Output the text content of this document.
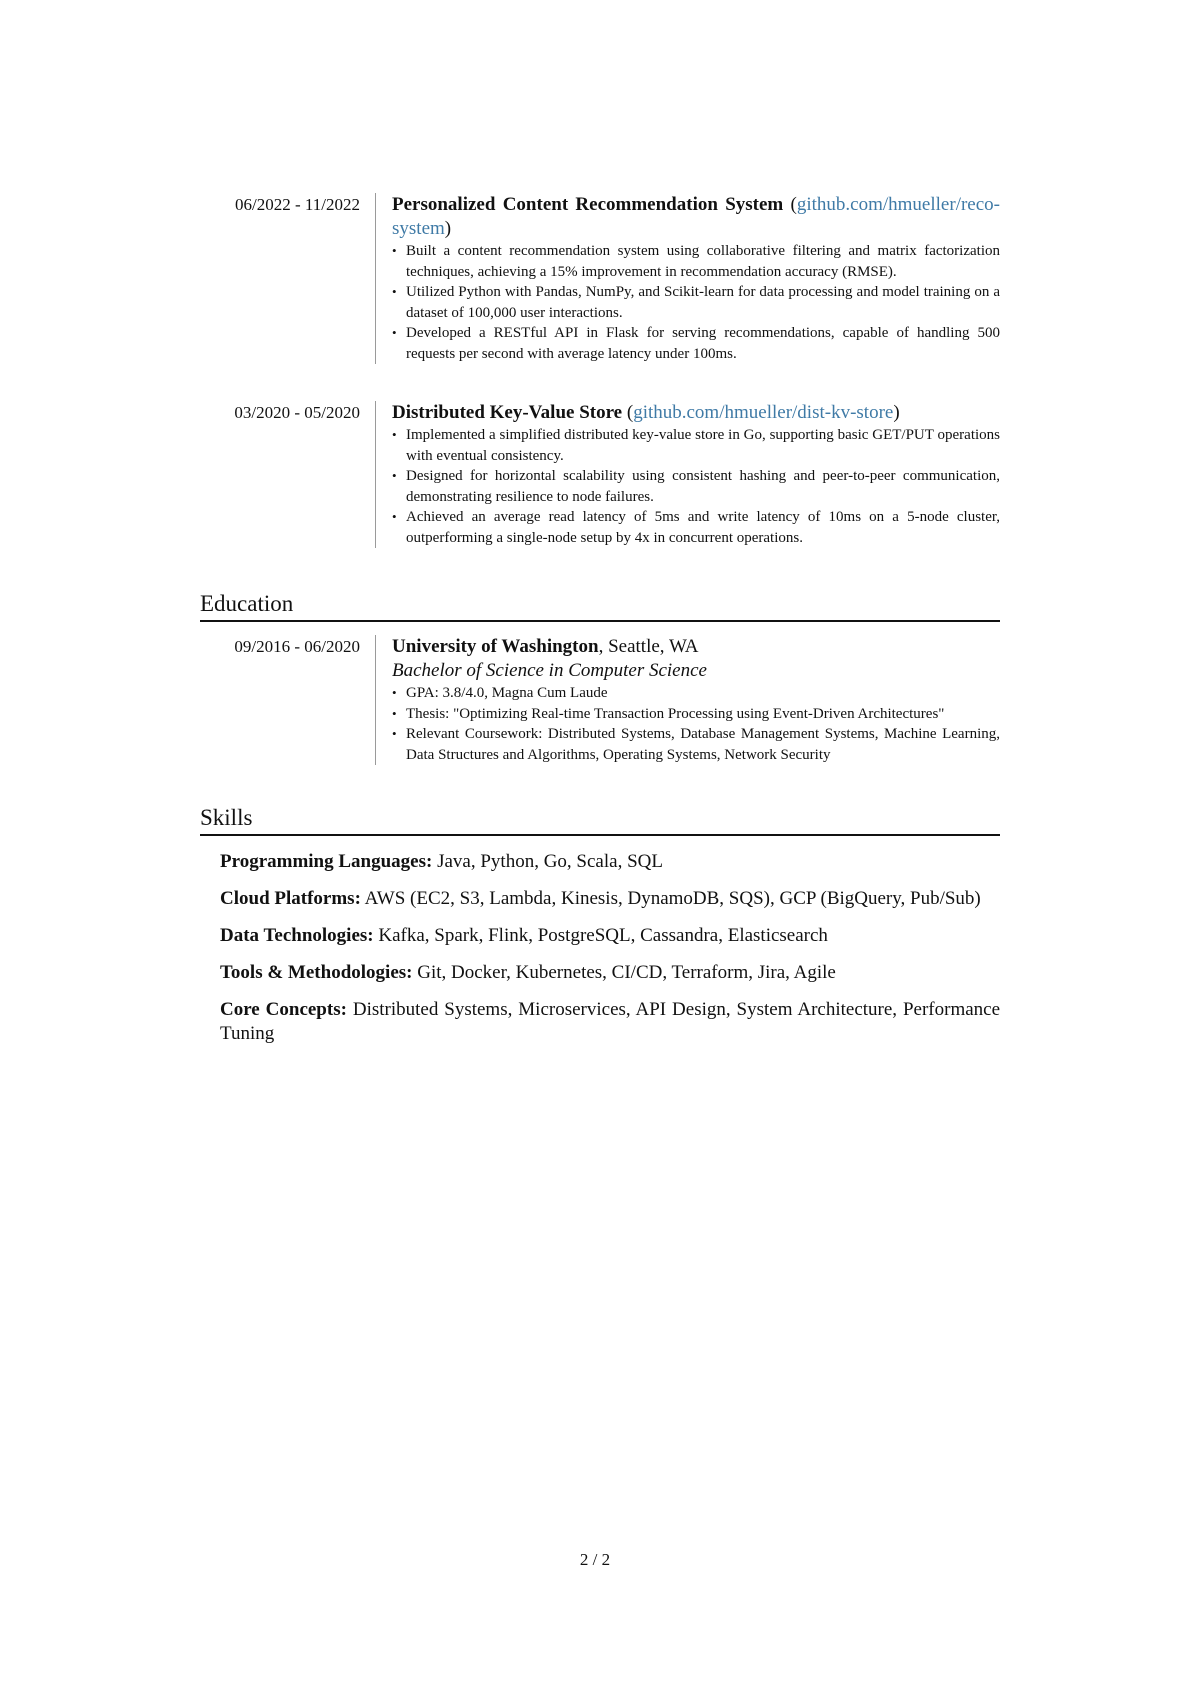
06/2022 - 11/2022	Personalized Content Recommendation System (github.com/hmueller/reco-system)
• Built a content recommendation system using collaborative filtering and matrix factorization techniques, achieving a 15% improvement in recommendation accuracy (RMSE).
• Utilized Python with Pandas, NumPy, and Scikit-learn for data processing and model training on a dataset of 100,000 user interactions.
• Developed a RESTful API in Flask for serving recommendations, capable of handling 500 requests per second with average latency under 100ms.
03/2020 - 05/2020	Distributed Key-Value Store (github.com/hmueller/dist-kv-store)
• Implemented a simplified distributed key-value store in Go, supporting basic GET/PUT operations with eventual consistency.
• Designed for horizontal scalability using consistent hashing and peer-to-peer communication, demonstrating resilience to node failures.
• Achieved an average read latency of 5ms and write latency of 10ms on a 5-node cluster, outperforming a single-node setup by 4x in concurrent operations.
Education
09/2016 - 06/2020	University of Washington, Seattle, WA
Bachelor of Science in Computer Science
• GPA: 3.8/4.0, Magna Cum Laude
• Thesis: "Optimizing Real-time Transaction Processing using Event-Driven Architectures"
• Relevant Coursework: Distributed Systems, Database Management Systems, Machine Learning, Data Structures and Algorithms, Operating Systems, Network Security
Skills
Programming Languages: Java, Python, Go, Scala, SQL
Cloud Platforms: AWS (EC2, S3, Lambda, Kinesis, DynamoDB, SQS), GCP (BigQuery, Pub/Sub)
Data Technologies: Kafka, Spark, Flink, PostgreSQL, Cassandra, Elasticsearch
Tools & Methodologies: Git, Docker, Kubernetes, CI/CD, Terraform, Jira, Agile
Core Concepts: Distributed Systems, Microservices, API Design, System Architecture, Performance Tuning
2 / 2
